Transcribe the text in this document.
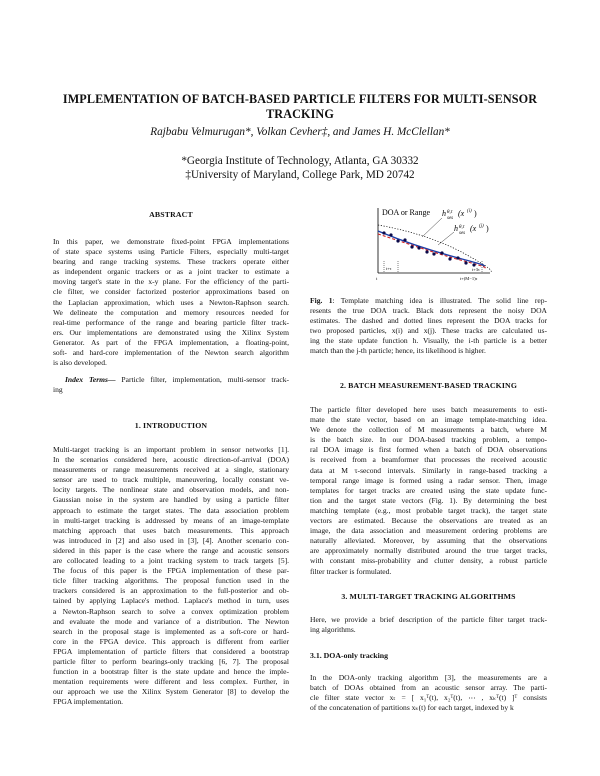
IMPLEMENTATION OF BATCH-BASED PARTICLE FILTERS FOR MULTI-SENSOR
TRACKING
Rajbabu Velmurugan*, Volkan Cevher‡, and James H. McClellan*
*Georgia Institute of Technology, Atlanta, GA 30332
‡University of Maryland, College Park, MD 20742
ABSTRACT
In this paper, we demonstrate fixed-point FPGA implementations
of state space systems using Particle Filters, especially multi-target
bearing and range tracking systems. These trackers operate either
as independent organic trackers or as a joint tracker to estimate a
moving target's state in the x-y plane. For the efficiency of the parti-
cle filter, we consider factorized posterior approximations based on
the Laplacian approximation, which uses a Newton-Raphson search.
We delineate the computation and memory resources needed for
real-time performance of the range and bearing particle filter track-
ers. Our implementations are demonstrated using the Xilinx System
Generator. As part of the FPGA implementation, a floating-point,
soft- and hard-core implementation of the Newton search algorithm
is also developed.
Index Terms— Particle filter, implementation, multi-sensor track-
ing
1. INTRODUCTION
Multi-target tracking is an important problem in sensor networks [1].
In the scenarios considered here, acoustic direction-of-arrival (DOA)
measurements or range measurements received at a single, stationary
sensor are used to track multiple, maneuvering, locally constant ve-
locity targets. The nonlinear state and observation models, and non-
Gaussian noise in the system are handled by using a particle filter
approach to estimate the target states. The data association problem
in multi-target tracking is addressed by means of an image-template
matching approach that uses batch measurements. This approach
was introduced in [2] and also used in [3], [4]. Another scenario con-
sidered in this paper is the case where the range and acoustic sensors
are collocated leading to a joint tracking system to track targets [5].
The focus of this paper is the FPGA implementation of these par-
ticle filter tracking algorithms. The proposal function used in the
trackers considered is an approximation to the full-posterior and ob-
tained by applying Laplace's method. Laplace's method in turn, uses
a Newton-Raphson search to solve a convex optimization problem
and evaluate the mode and variance of a distribution. The Newton
search in the proposal stage is implemented as a soft-core or hard-
core in the FPGA device. This approach is different from earlier
FPGA implementation of particle filters that considered a bootstrap
particle filter to perform bearings-only tracking [6, 7]. The proposal
function in a bootstrap filter is the state update and hence the imple-
mentation requirements were different and less complex. Further, in
our approach we use the Xilinx System Generator [8] to develop the
FPGA implementation.
DOA or Range h θ,τ
ses
(x (i) )
h θ,τ
ses
(x (j) )
t+τ	t+3τ
t	t+(M−1)τ
Fig. 1: Template matching idea is illustrated. The solid line rep-
resents the true DOA track. Black dots represent the noisy DOA
estimates. The dashed and dotted lines represent the DOA tracks for
two proposed particles, x(i) and x(j). These tracks are calculated us-
ing the state update function h. Visually, the i-th particle is a better
match than the j-th particle; hence, its likelihood is higher.
2. BATCH MEASUREMENT-BASED TRACKING
The particle filter developed here uses batch measurements to esti-
mate the state vector, based on an image template-matching idea.
We denote the collection of M measurements a batch, where M
is the batch size. In our DOA-based tracking problem, a tempo-
ral DOA image is first formed when a batch of DOA observations
is received from a beamformer that processes the received acoustic
data at M τ-second intervals. Similarly in range-based tracking a
temporal range image is formed using a radar sensor. Then, image
templates for target tracks are created using the state update func-
tion and the target state vectors (Fig. 1). By determining the best
matching template (e.g., most probable target track), the target state
vectors are estimated. Because the observations are treated as an
image, the data association and measurement ordering problems are
naturally alleviated. Moreover, by assuming that the observations
are approximately normally distributed around the true target tracks,
with constant miss-probability and clutter density, a robust particle
filter tracker is formulated.
3. MULTI-TARGET TRACKING ALGORITHMS
Here, we provide a brief description of the particle filter target track-
ing algorithms.
3.1. DOA-only tracking
In the DOA-only tracking algorithm [3], the measurements are a
batch of DOAs obtained from an acoustic sensor array. The parti-
cle filter state vector xₜ = [ x₁ᵀ(t), x₂ᵀ(t), ⋯ , xₖᵀ(t) ]ᵀ consists
of the concatenation of partitions xₖ(t) for each target, indexed by k
